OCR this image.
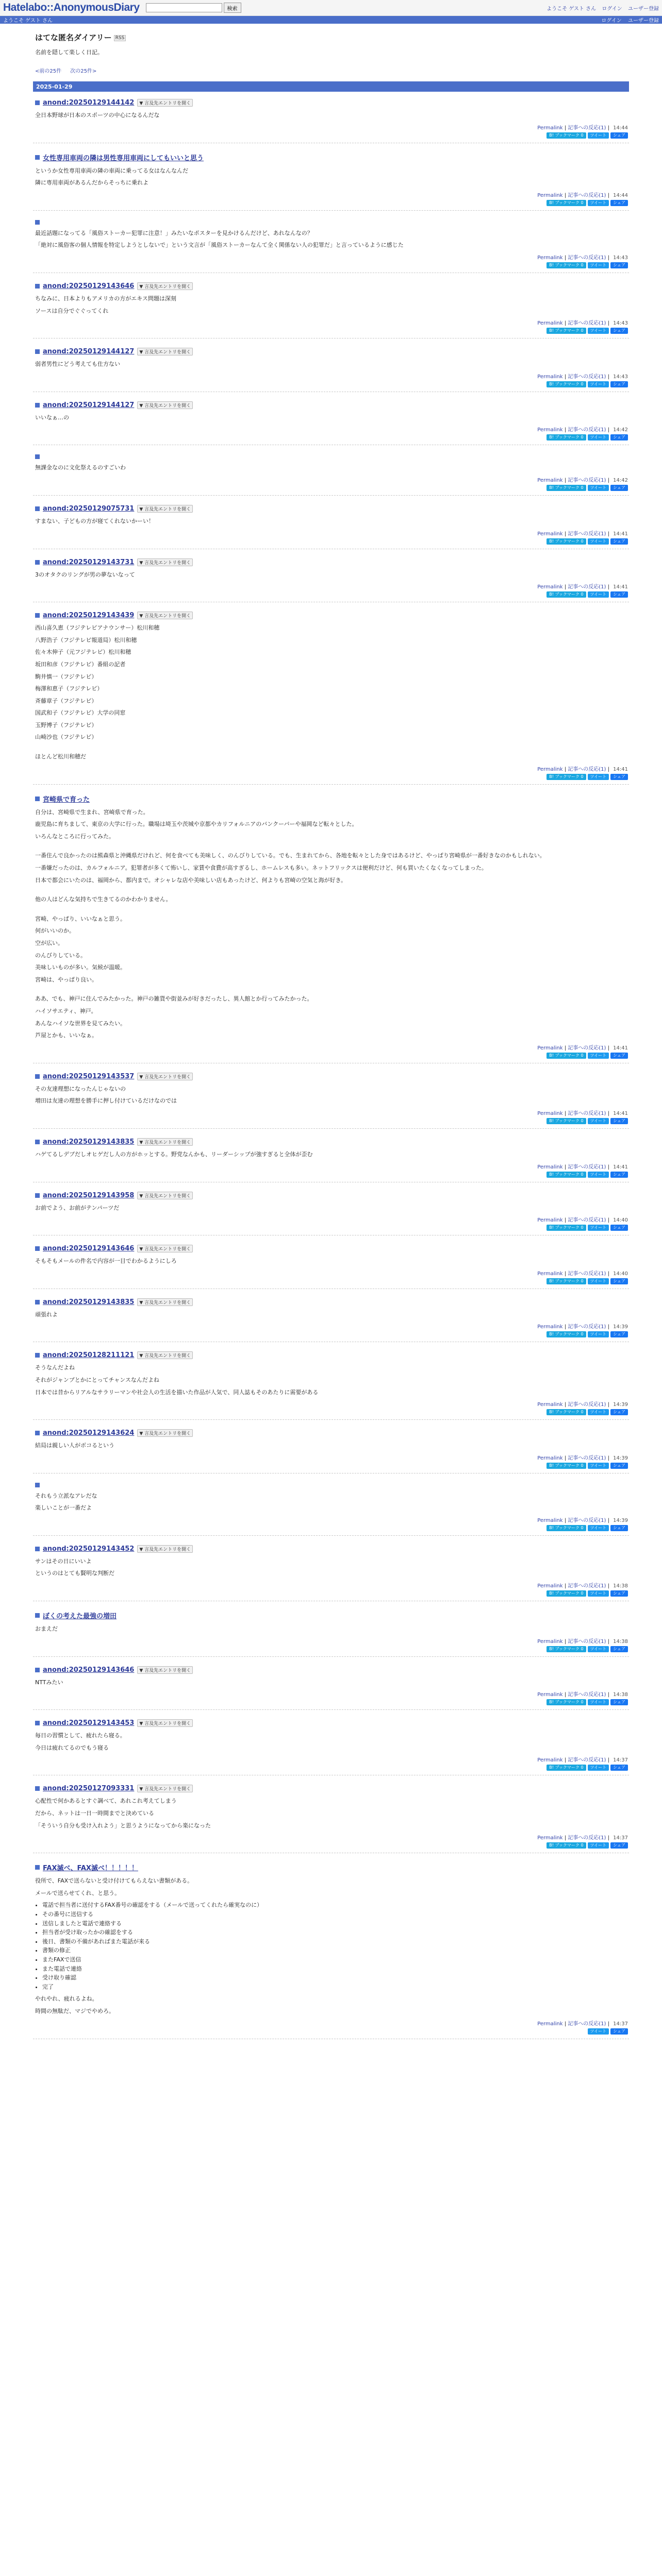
Hatelabo::AnonymousDiary	検索	ようこそ ゲスト さん ログイン ユーザー登録
ようこそ ゲスト さん	ログイン ユーザー登録
はてな匿名ダイアリー RSS
名前を隠して楽しく日記。
<前の25件 次の25件>
2025-01-29
anond:20250129144142	▼ 言及先エントリを開く

全日本野球が日本のスポーツの中心になるんだな

Permalink | 記事への反応(1) | 14:44
B! ブックマーク 0	ツイート	シェア
女性専用車両の隣は男性専用車両にしてもいいと思う

というか女性専用車両の隣の車両に乗ってる女はなんなんだ

隣に専用車両があるんだからそっちに乗れよ

Permalink | 記事への反応(1) | 14:44
B! ブックマーク 0	ツイート	シェア

最近話題になってる「風俗ストーカー犯罪に注意！」みたいなポスターを見かけるんだけど、あれなんなの？

「絶対に風俗客の個人情報を特定しようとしないで」という文言が「風俗ストーカーなんて全く関係ない人の犯罪だ」と言っているように感じた

Permalink | 記事への反応(1) | 14:43
B! ブックマーク 0	ツイート	シェア
anond:20250129143646	▼ 言及先エントリを開く

ちなみに、日本よりもアメリカの方がエキス問題は深刻

ソースは自分でぐぐってくれ

Permalink | 記事への反応(1) | 14:43
B! ブックマーク 0	ツイート	シェア
anond:20250129144127	▼ 言及先エントリを開く

弱者男性にどう考えても仕方ない

Permalink | 記事への反応(1) | 14:43
B! ブックマーク 0	ツイート	シェア
anond:20250129144127	▼ 言及先エントリを開く

いいなぁ…の

Permalink | 記事への反応(1) | 14:42
B! ブックマーク 0	ツイート	シェア

無課金なのに文化祭えるのすごいわ

Permalink | 記事への反応(1) | 14:42
B! ブックマーク 0	ツイート	シェア
anond:20250129075731	▼ 言及先エントリを開く

すまない、子どもの方が寝てくれないかーい！

Permalink | 記事への反応(1) | 14:41
B! ブックマーク 0	ツイート	シェア
anond:20250129143731	▼ 言及先エントリを開く

3のオタクのリングが男の夢ないなって

Permalink | 記事への反応(1) | 14:41
B! ブックマーク 0	ツイート	シェア
anond:20250129143439	▼ 言及先エントリを開く

西山喜久恵（フジテレビアナウンサー）松川和穂

八野浩子（フジテレビ報道局）松川和穂

佐々木伸子（元フジテレビ）松川和穂

坂田和彦（フジテレビ）番組の記者

駒井慎一（フジテレビ）

梅澤和恵子（フジテレビ）

斉藤章子（フジテレビ）

国武和子（フジテレビ）大学の同窓

玉野博子（フジテレビ）

山崎沙也（フジテレビ）

ほとんど松川和穂だ

Permalink | 記事への反応(1) | 14:41
B! ブックマーク 0	ツイート	シェア
宮崎県で育った

自分は、宮崎県で生まれ、宮崎県で育った。

鹿児島に育ちまして、東京の大学に行った。職場は埼玉や茨城や京都やカリフォルニアのバンクーバーや福岡など転々とした。

いろんなところに行ってみた。

一番住んで良かったのは熊森県と沖縄県だけれど、何を食べても美味しく、のんびりしている。でも、生まれてから、各地を転々とした身ではあるけど、やっぱり宮崎県が一番好きなのかもしれない。

一番嫌だったのは、カルフォルニア。犯罪者が多くて怖いし、家賃や食費が高すぎるし、ホームレスも多い。ネットフリックスは便利だけど、何も買いたくなくなってしまった。

日本で都会にいたのは、福岡から、都内まで。オシャレな店や美味しい店もあったけど、何よりも宮崎の空気と海が好き。

他の人はどんな気持ちで生きてるのかわかりません。

宮崎、やっぱり、いいなぁと思う。

何がいいのか。

空が広い。

のんびりしている。

美味しいものが多い。気候が温暖。

宮崎は、やっぱり良い。

ああ、でも、神戸に住んでみたかった。神戸の雑貨や街並みが好きだったし、異人館とか行ってみたかった。

ハイソサエティ、神戸。

あんなハイソな世界を見てみたい。

芦屋とかも、いいなぁ。

Permalink | 記事への反応(1) | 14:41
B! ブックマーク 0	ツイート	シェア
anond:20250129143537	▼ 言及先エントリを開く

その友達理想になったんじゃないの

増田は友達の理想を勝手に押し付けているだけなのでは

Permalink | 記事への反応(1) | 14:41
B! ブックマーク 0	ツイート	シェア
anond:20250129143835	▼ 言及先エントリを開く

ハゲてるしデブだしオヒゲだし人の方がホッとする。野党なんかも、リーダーシップが強すぎると全体が歪む

Permalink | 記事への反応(1) | 14:41
B! ブックマーク 0	ツイート	シェア
anond:20250129143958	▼ 言及先エントリを開く

お前でよう、お前がテンパーツだ

Permalink | 記事への反応(1) | 14:40
B! ブックマーク 0	ツイート	シェア
anond:20250129143646	▼ 言及先エントリを開く

そもそもメールの件名で内容が一目でわかるようにしろ

Permalink | 記事への反応(1) | 14:40
B! ブックマーク 0	ツイート	シェア
anond:20250129143835	▼ 言及先エントリを開く

頑張れよ

Permalink | 記事への反応(1) | 14:39
B! ブックマーク 0	ツイート	シェア
anond:20250128211121	▼ 言及先エントリを開く

そうなんだよね

それがジャンプとかにとってチャンスなんだよね

日本では昔からリアルなサラリーマンや社会人の生活を描いた作品が人気で、同人誌もそのあたりに需要がある

Permalink | 記事への反応(1) | 14:39
B! ブックマーク 0	ツイート	シェア
anond:20250129143624	▼ 言及先エントリを開く

結局は親しい人がボコるという

Permalink | 記事への反応(1) | 14:39
B! ブックマーク 0	ツイート	シェア

それもう立派なアレだな

楽しいことが一番だよ

Permalink | 記事への反応(1) | 14:39
B! ブックマーク 0	ツイート	シェア
anond:20250129143452	▼ 言及先エントリを開く

サンはその日にいいよ

というのはとても賢明な判断だ

Permalink | 記事への反応(1) | 14:38
B! ブックマーク 0	ツイート	シェア
ぼくの考えた最強の増田

おまえだ

Permalink | 記事への反応(1) | 14:38
B! ブックマーク 0	ツイート	シェア
anond:20250129143646	▼ 言及先エントリを開く

NTTみたい

Permalink | 記事への反応(1) | 14:38
B! ブックマーク 0	ツイート	シェア
anond:20250129143453	▼ 言及先エントリを開く

毎日の習慣として、疲れたら寝る。

今日は疲れてるのでもう寝る

Permalink | 記事への反応(1) | 14:37
B! ブックマーク 0	ツイート	シェア
anond:20250127093331	▼ 言及先エントリを開く

心配性で何かあるとすぐ調べて、あれこれ考えてしまう

だから、ネットは一日一時間までと決めている

「そういう自分も受け入れよう」と思うようになってから楽になった

Permalink | 記事への反応(1) | 14:37
B! ブックマーク 0	ツイート	シェア
FAX滅べ、FAX滅べ！！！！！

役所で、FAXで送らないと受け付けてもらえない書類がある。

メールで送らせてくれ、と思う。

• 電話で担当者に送付するFAX番号の確認をする（メールで送ってくれたら確実なのに）
• その番号に送信する
• 送信しましたと電話で連絡する
• 担当者が受け取ったかの確認をする
• 後日、書類の不備があればまた電話が来る
• 書類の修正
• またFAXで送信
• また電話で連絡
• 受け取り確認
• 完了

やれやれ、疲れるよね。

時間の無駄だ、マジでやめろ。

Permalink | 記事への反応(1) | 14:37
ツイート	シェア
